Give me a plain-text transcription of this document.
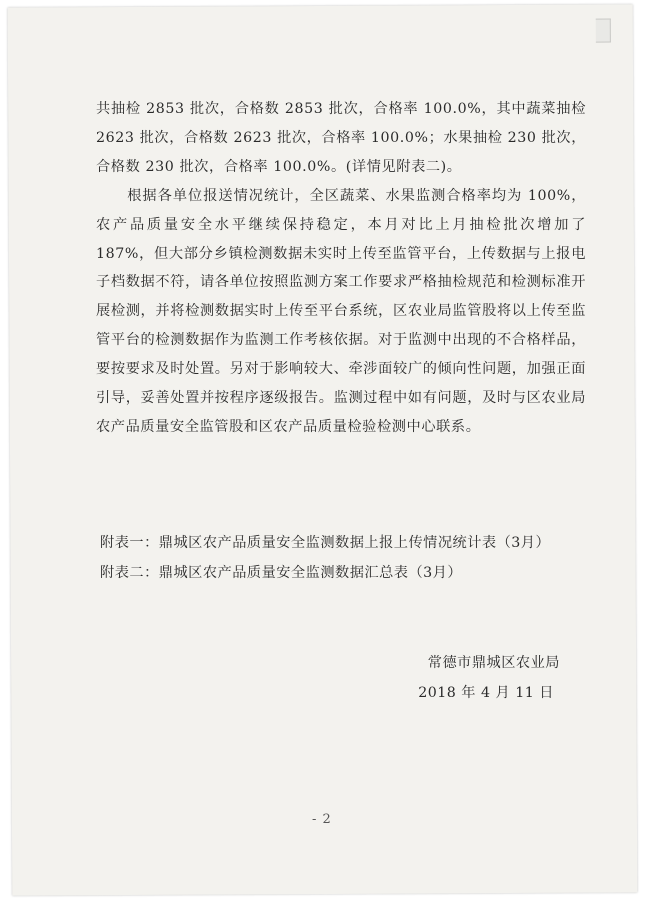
共抽检 2853 批次，合格数 2853 批次，合格率 100.0%，其中蔬菜抽检 2623 批次，合格数 2623 批次，合格率 100.0%；水果抽检 230 批次，合格数 230 批次，合格率 100.0%。(详情见附表二)。

根据各单位报送情况统计，全区蔬菜、水果监测合格率均为 100%，农产品质量安全水平继续保持稳定，本月对比上月抽检批次增加了 187%，但大部分乡镇检测数据未实时上传至监管平台，上传数据与上报电子档数据不符，请各单位按照监测方案工作要求严格抽检规范和检测标准开展检测，并将检测数据实时上传至平台系统，区农业局监管股将以上传至监管平台的检测数据作为监测工作考核依据。对于监测中出现的不合格样品，要按要求及时处置。另对于影响较大、牵涉面较广的倾向性问题，加强正面引导，妥善处置并按程序逐级报告。监测过程中如有问题，及时与区农业局农产品质量安全监管股和区农产品质量检验检测中心联系。

附表一：鼎城区农产品质量安全监测数据上报上传情况统计表（3月）
附表二：鼎城区农产品质量安全监测数据汇总表（3月）
常德市鼎城区农业局
2018 年 4 月 11 日
- 2
